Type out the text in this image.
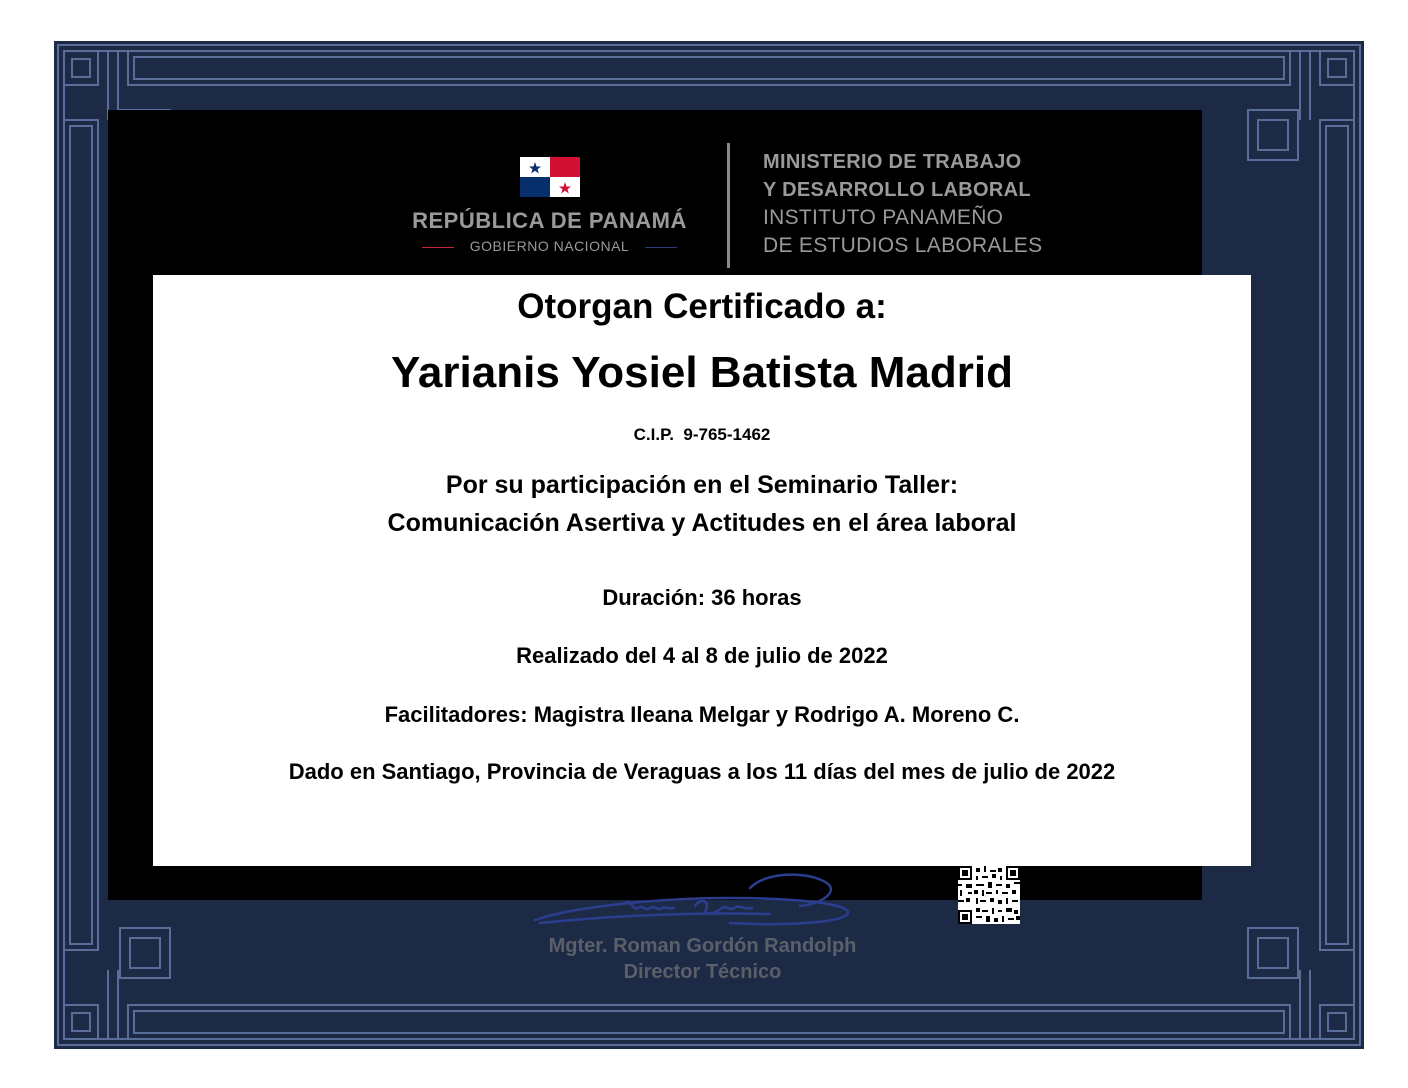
REPÚBLICA DE PANAMÁ
GOBIERNO NACIONAL
MINISTERIO DE TRABAJO
Y DESARROLLO LABORAL
INSTITUTO PANAMEÑO
DE ESTUDIOS LABORALES
Otorgan Certificado a:
Yarianis Yosiel Batista Madrid
C.I.P. 9-765-1462
Por su participación en el Seminario Taller:
Comunicación Asertiva y Actitudes en el área laboral
Duración: 36 horas
Realizado del 4 al 8 de julio de 2022
Facilitadores: Magistra Ileana Melgar y Rodrigo A. Moreno C.
Dado en Santiago, Provincia de Veraguas a los 11 días del mes de julio de 2022
Mgter. Roman Gordón Randolph
Director Técnico
